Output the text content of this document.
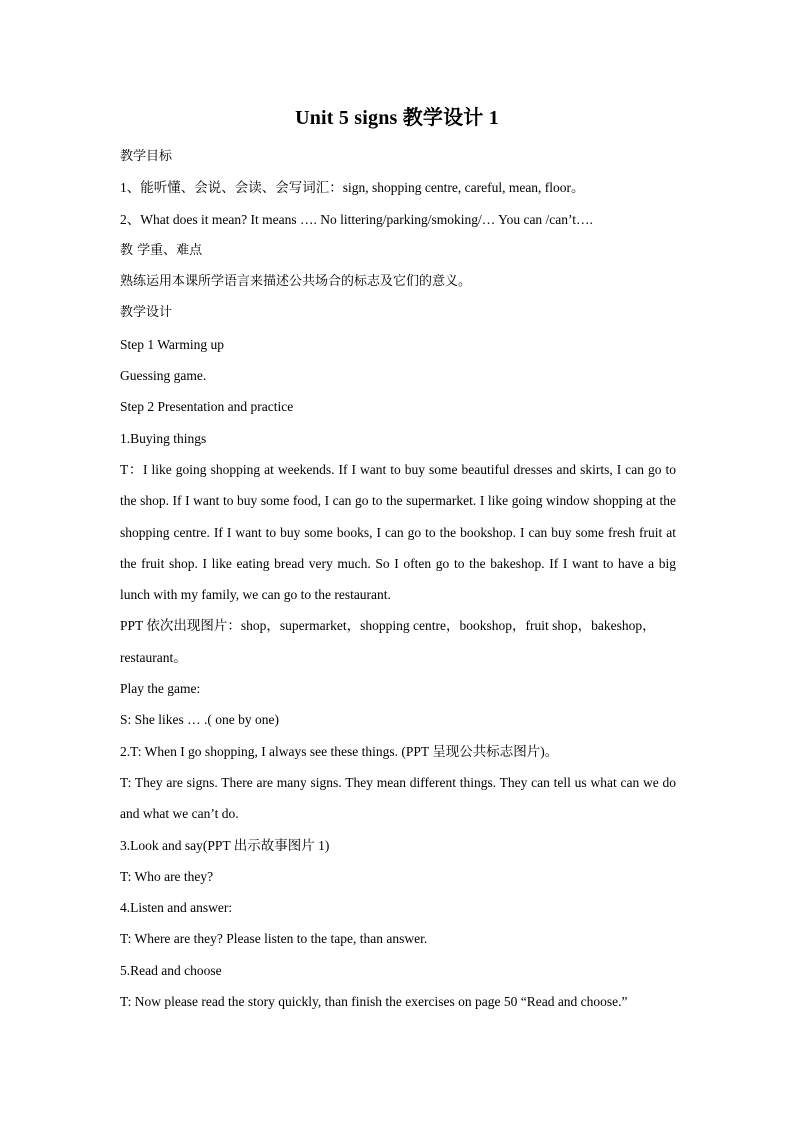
Unit 5 signs 教学设计 1

教学目标

1、能听懂、会说、会读、会写词汇：sign, shopping centre, careful, mean, floor。

2、What does it mean? It means …. No littering/parking/smoking/… You can /can’t….

教 学重、难点

熟练运用本课所学语言来描述公共场合的标志及它们的意义。

教学设计

Step 1 Warming up

Guessing game.

Step 2 Presentation and practice

1.Buying things

T：I like going shopping at weekends. If I want to buy some beautiful dresses and skirts, I can go to the shop. If I want to buy some food, I can go to the supermarket. I like going window shopping at the shopping centre. If I want to buy some books, I can go to the bookshop. I can buy some fresh fruit at the fruit shop. I like eating bread very much. So I often go to the bakeshop. If I want to have a big lunch with my family, we can go to the restaurant.

PPT 依次出现图片：shop，supermarket，shopping centre，bookshop，fruit shop，bakeshop，restaurant。

Play the game:

S: She likes … .( one by one)

2.T: When I go shopping, I always see these things. (PPT 呈现公共标志图片)。

T: They are signs. There are many signs. They mean different things. They can tell us what can we do and what we can’t do.

3.Look and say(PPT 出示故事图片 1)

T: Who are they?

4.Listen and answer:

T: Where are they? Please listen to the tape, than answer.

5.Read and choose

T: Now please read the story quickly, than finish the exercises on page 50 “Read and choose.”
